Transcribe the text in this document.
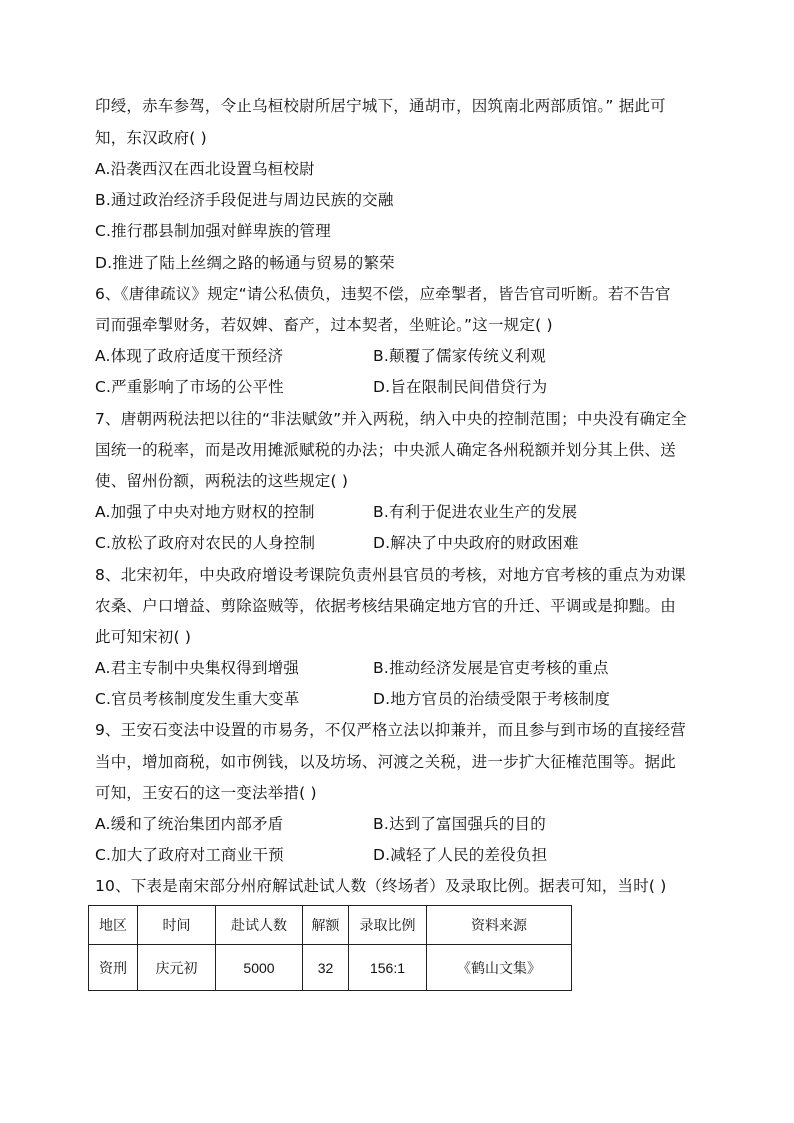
印绶，赤车参驾，令止乌桓校尉所居宁城下，通胡市，因筑南北两部质馆。” 据此可
知，东汉政府( )
A.沿袭西汉在西北设置乌桓校尉
B.通过政治经济手段促进与周边民族的交融
C.推行郡县制加强对鲜卑族的管理
D.推进了陆上丝绸之路的畅通与贸易的繁荣
6、《唐律疏议》规定“请公私债负，违契不偿，应牵掣者，皆告官司听断。若不告官
司而强牵掣财务，若奴婢、畜产，过本契者，坐赃论。”这一规定( )
A.体现了政府适度干预经济	B.颠覆了儒家传统义利观
C.严重影响了市场的公平性	D.旨在限制民间借贷行为
7、唐朝两税法把以往的“非法赋敛”并入两税，纳入中央的控制范围；中央没有确定全
国统一的税率，而是改用摊派赋税的办法；中央派人确定各州税额并划分其上供、送
使、留州份额，两税法的这些规定( )
A.加强了中央对地方财权的控制	B.有利于促进农业生产的发展
C.放松了政府对农民的人身控制	D.解决了中央政府的财政困难
8、北宋初年，中央政府增设考课院负责州县官员的考核，对地方官考核的重点为劝课
农桑、户口增益、剪除盗贼等，依据考核结果确定地方官的升迁、平调或是抑黜。由
此可知宋初( )
A.君主专制中央集权得到增强	B.推动经济发展是官吏考核的重点
C.官员考核制度发生重大变革	D.地方官员的治绩受限于考核制度
9、王安石变法中设置的市易务，不仅严格立法以抑兼并，而且参与到市场的直接经营
当中，增加商税，如市例钱，以及坊场、河渡之关税，进一步扩大征榷范围等。据此
可知，王安石的这一变法举措( )
A.缓和了统治集团内部矛盾	B.达到了富国强兵的目的
C.加大了政府对工商业干预	D.减轻了人民的差役负担
10、下表是南宋部分州府解试赴试人数（终场者）及录取比例。据表可知，当时( )
地区	时间	赴试人数	解额	录取比例	资料来源
资刑	庆元初	5000	32	156:1	《鹤山文集》
